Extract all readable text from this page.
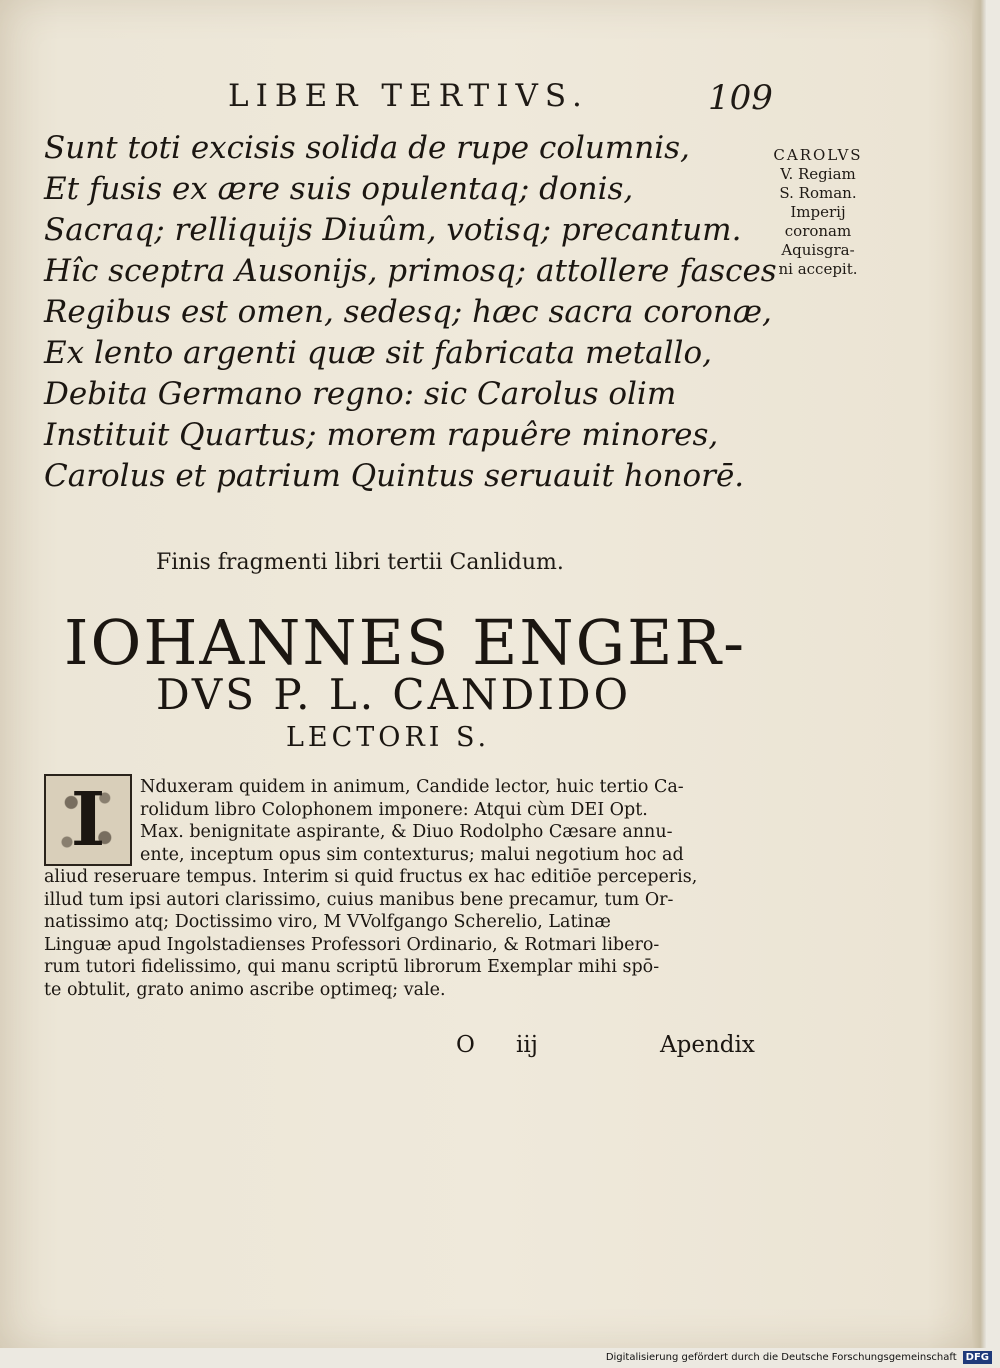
LIBER TERTIVS.	109
Sunt toti excisis solida de rupe columnis,
Et fusis ex ære suis opulentaq; donis,
Sacraq; relliquijs Diuûm, votisq; precantum.
Hîc sceptra Ausonijs, primosq; attollere fasces
Regibus est omen, sedesq; hæc sacra coronæ,
Ex lento argenti quæ sit fabricata metallo,
Debita Germano regno: sic Carolus olim
Instituit Quartus; morem rapuêre minores,
Carolus et patrium Quintus seruauit honorē.
CAROLVS
V. Regiam
S. Roman.
Imperij
coronam
Aquisgra-
ni accepit.
Finis fragmenti libri tertii Canlidum.
IOHANNES ENGER-
DVS P. L. CANDIDO
LECTORI S.
I	Nduxeram quidem in animum, Candide lector, huic tertio Ca-
rolidum libro Colophonem imponere: Atqui cùm DEI Opt.
Max. benignitate aspirante, & Diuo Rodolpho Cæsare annu-
ente, inceptum opus sim contexturus; malui negotium hoc ad
aliud reseruare tempus. Interim si quid fructus ex hac editiōe perceperis,
illud tum ipsi autori clarissimo, cuius manibus bene precamur, tum Or-
natissimo atq; Doctissimo viro, M VVolfgango Scherelio, Latinæ
Linguæ apud Ingolstadienses Professori Ordinario, & Rotmari libero-
rum tutori fidelissimo, qui manu scriptū librorum Exemplar mihi spō-
te obtulit, grato animo ascribe optimeq; vale.
O iij	Apendix
Digitalisierung gefördert durch die Deutsche Forschungsgemeinschaft DFG
